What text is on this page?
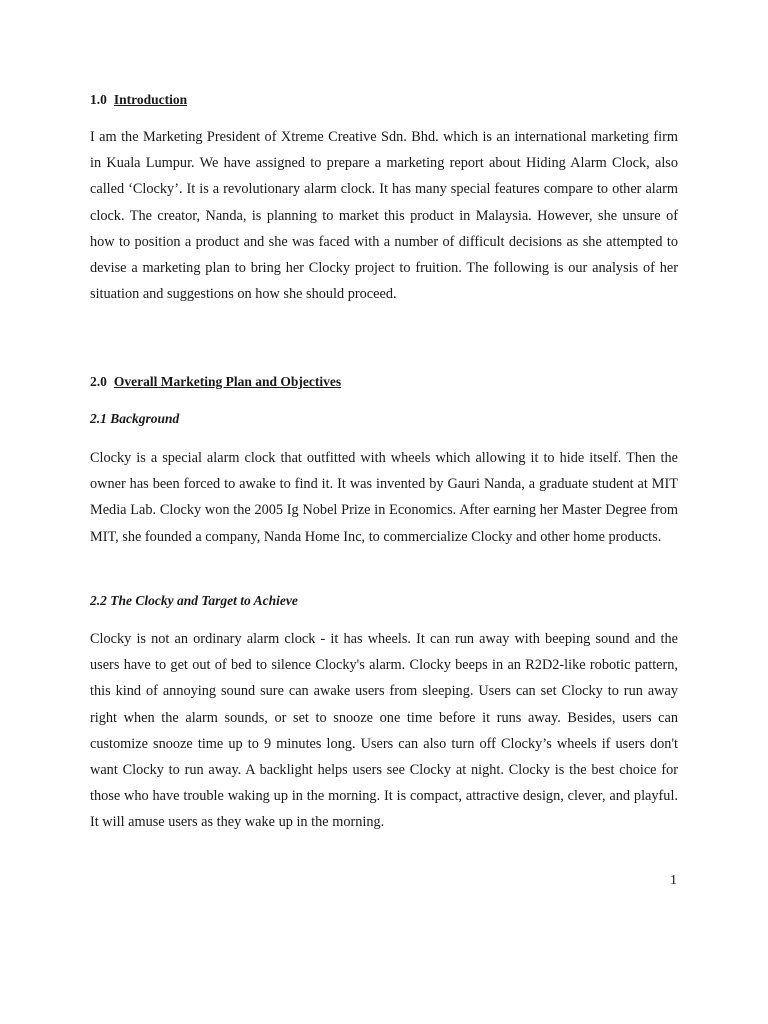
1.0 Introduction

I am the Marketing President of Xtreme Creative Sdn. Bhd. which is an international marketing firm in Kuala Lumpur. We have assigned to prepare a marketing report about Hiding Alarm Clock, also called ‘Clocky’. It is a revolutionary alarm clock. It has many special features compare to other alarm clock. The creator, Nanda, is planning to market this product in Malaysia. However, she unsure of how to position a product and she was faced with a number of difficult decisions as she attempted to devise a marketing plan to bring her Clocky project to fruition. The following is our analysis of her situation and suggestions on how she should proceed.

2.0 Overall Marketing Plan and Objectives
2.1 Background

Clocky is a special alarm clock that outfitted with wheels which allowing it to hide itself. Then the owner has been forced to awake to find it. It was invented by Gauri Nanda, a graduate student at MIT Media Lab. Clocky won the 2005 Ig Nobel Prize in Economics. After earning her Master Degree from MIT, she founded a company, Nanda Home Inc, to commercialize Clocky and other home products.

2.2 The Clocky and Target to Achieve

Clocky is not an ordinary alarm clock - it has wheels. It can run away with beeping sound and the users have to get out of bed to silence Clocky's alarm. Clocky beeps in an R2D2-like robotic pattern, this kind of annoying sound sure can awake users from sleeping. Users can set Clocky to run away right when the alarm sounds, or set to snooze one time before it runs away. Besides, users can customize snooze time up to 9 minutes long. Users can also turn off Clocky’s wheels if users don't want Clocky to run away. A backlight helps users see Clocky at night. Clocky is the best choice for those who have trouble waking up in the morning. It is compact, attractive design, clever, and playful. It will amuse users as they wake up in the morning.

1
